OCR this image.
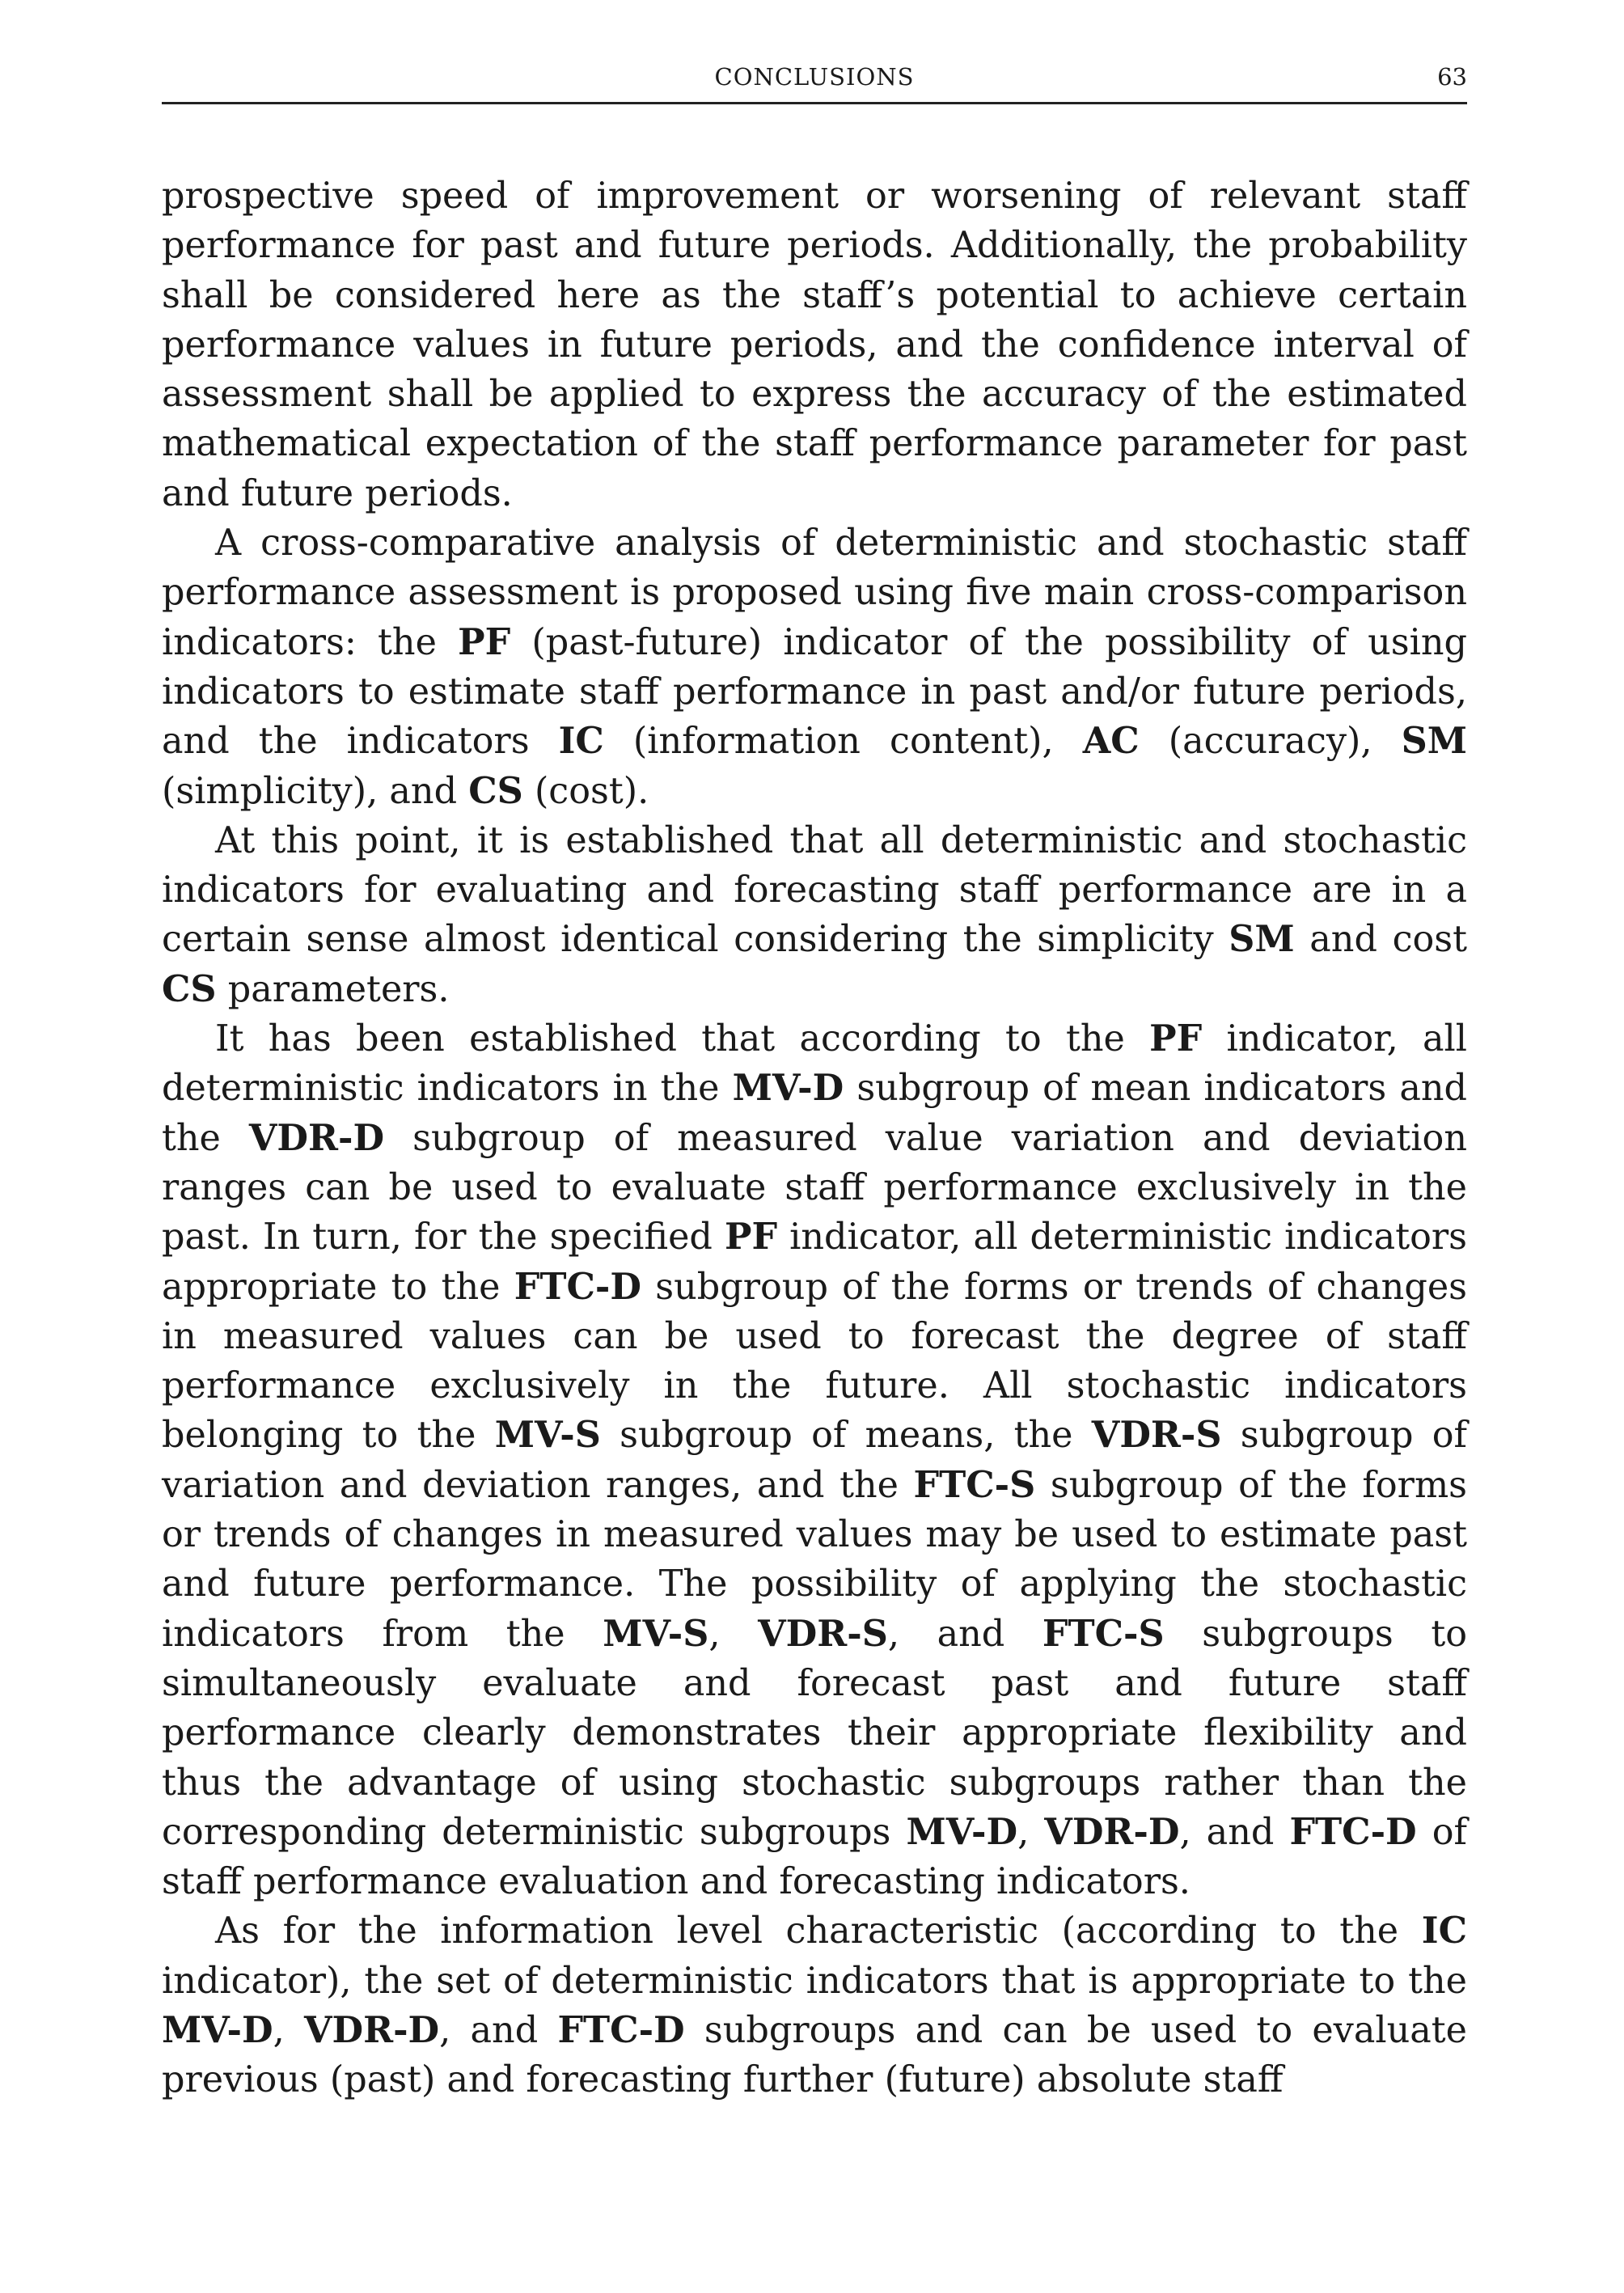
CONCLUSIONS	63

prospective speed of improvement or worsening of relevant staff performance for past and future periods. Additionally, the probability shall be considered here as the staff’s potential to achieve certain performance values in future periods, and the confidence interval of assessment shall be applied to express the accuracy of the estimated mathematical expectation of the staff performance parameter for past and future periods.

A cross-comparative analysis of deterministic and stochastic staff performance assessment is proposed using five main cross-comparison indicators: the PF (past-future) indicator of the possibility of using indicators to estimate staff performance in past and/or future periods, and the indicators IC (information content), AC (accuracy), SM (simplicity), and CS (cost).

At this point, it is established that all deterministic and stochastic indicators for evaluating and forecasting staff performance are in a certain sense almost identical considering the simplicity SM and cost CS parameters.

It has been established that according to the PF indicator, all deterministic indicators in the MV-D subgroup of mean indicators and the VDR-D subgroup of measured value variation and deviation ranges can be used to evaluate staff performance exclusively in the past. In turn, for the specified PF indicator, all deterministic indicators appropriate to the FTC-D subgroup of the forms or trends of changes in measured values can be used to forecast the degree of staff performance exclusively in the future. All stochastic indicators belonging to the MV-S subgroup of means, the VDR-S subgroup of variation and deviation ranges, and the FTC-S subgroup of the forms or trends of changes in measured values may be used to estimate past and future performance. The possibility of applying the stochastic indicators from the MV-S, VDR-S, and FTC-S subgroups to simultaneously evaluate and forecast past and future staff performance clearly demonstrates their appropriate flexibility and thus the advantage of using stochastic subgroups rather than the corresponding deterministic subgroups MV-D, VDR-D, and FTC-D of staff performance evaluation and forecasting indicators.

As for the information level characteristic (according to the IC indicator), the set of deterministic indicators that is appropriate to the MV-D, VDR-D, and FTC-D subgroups and can be used to evaluate previous (past) and forecasting further (future) absolute staff
